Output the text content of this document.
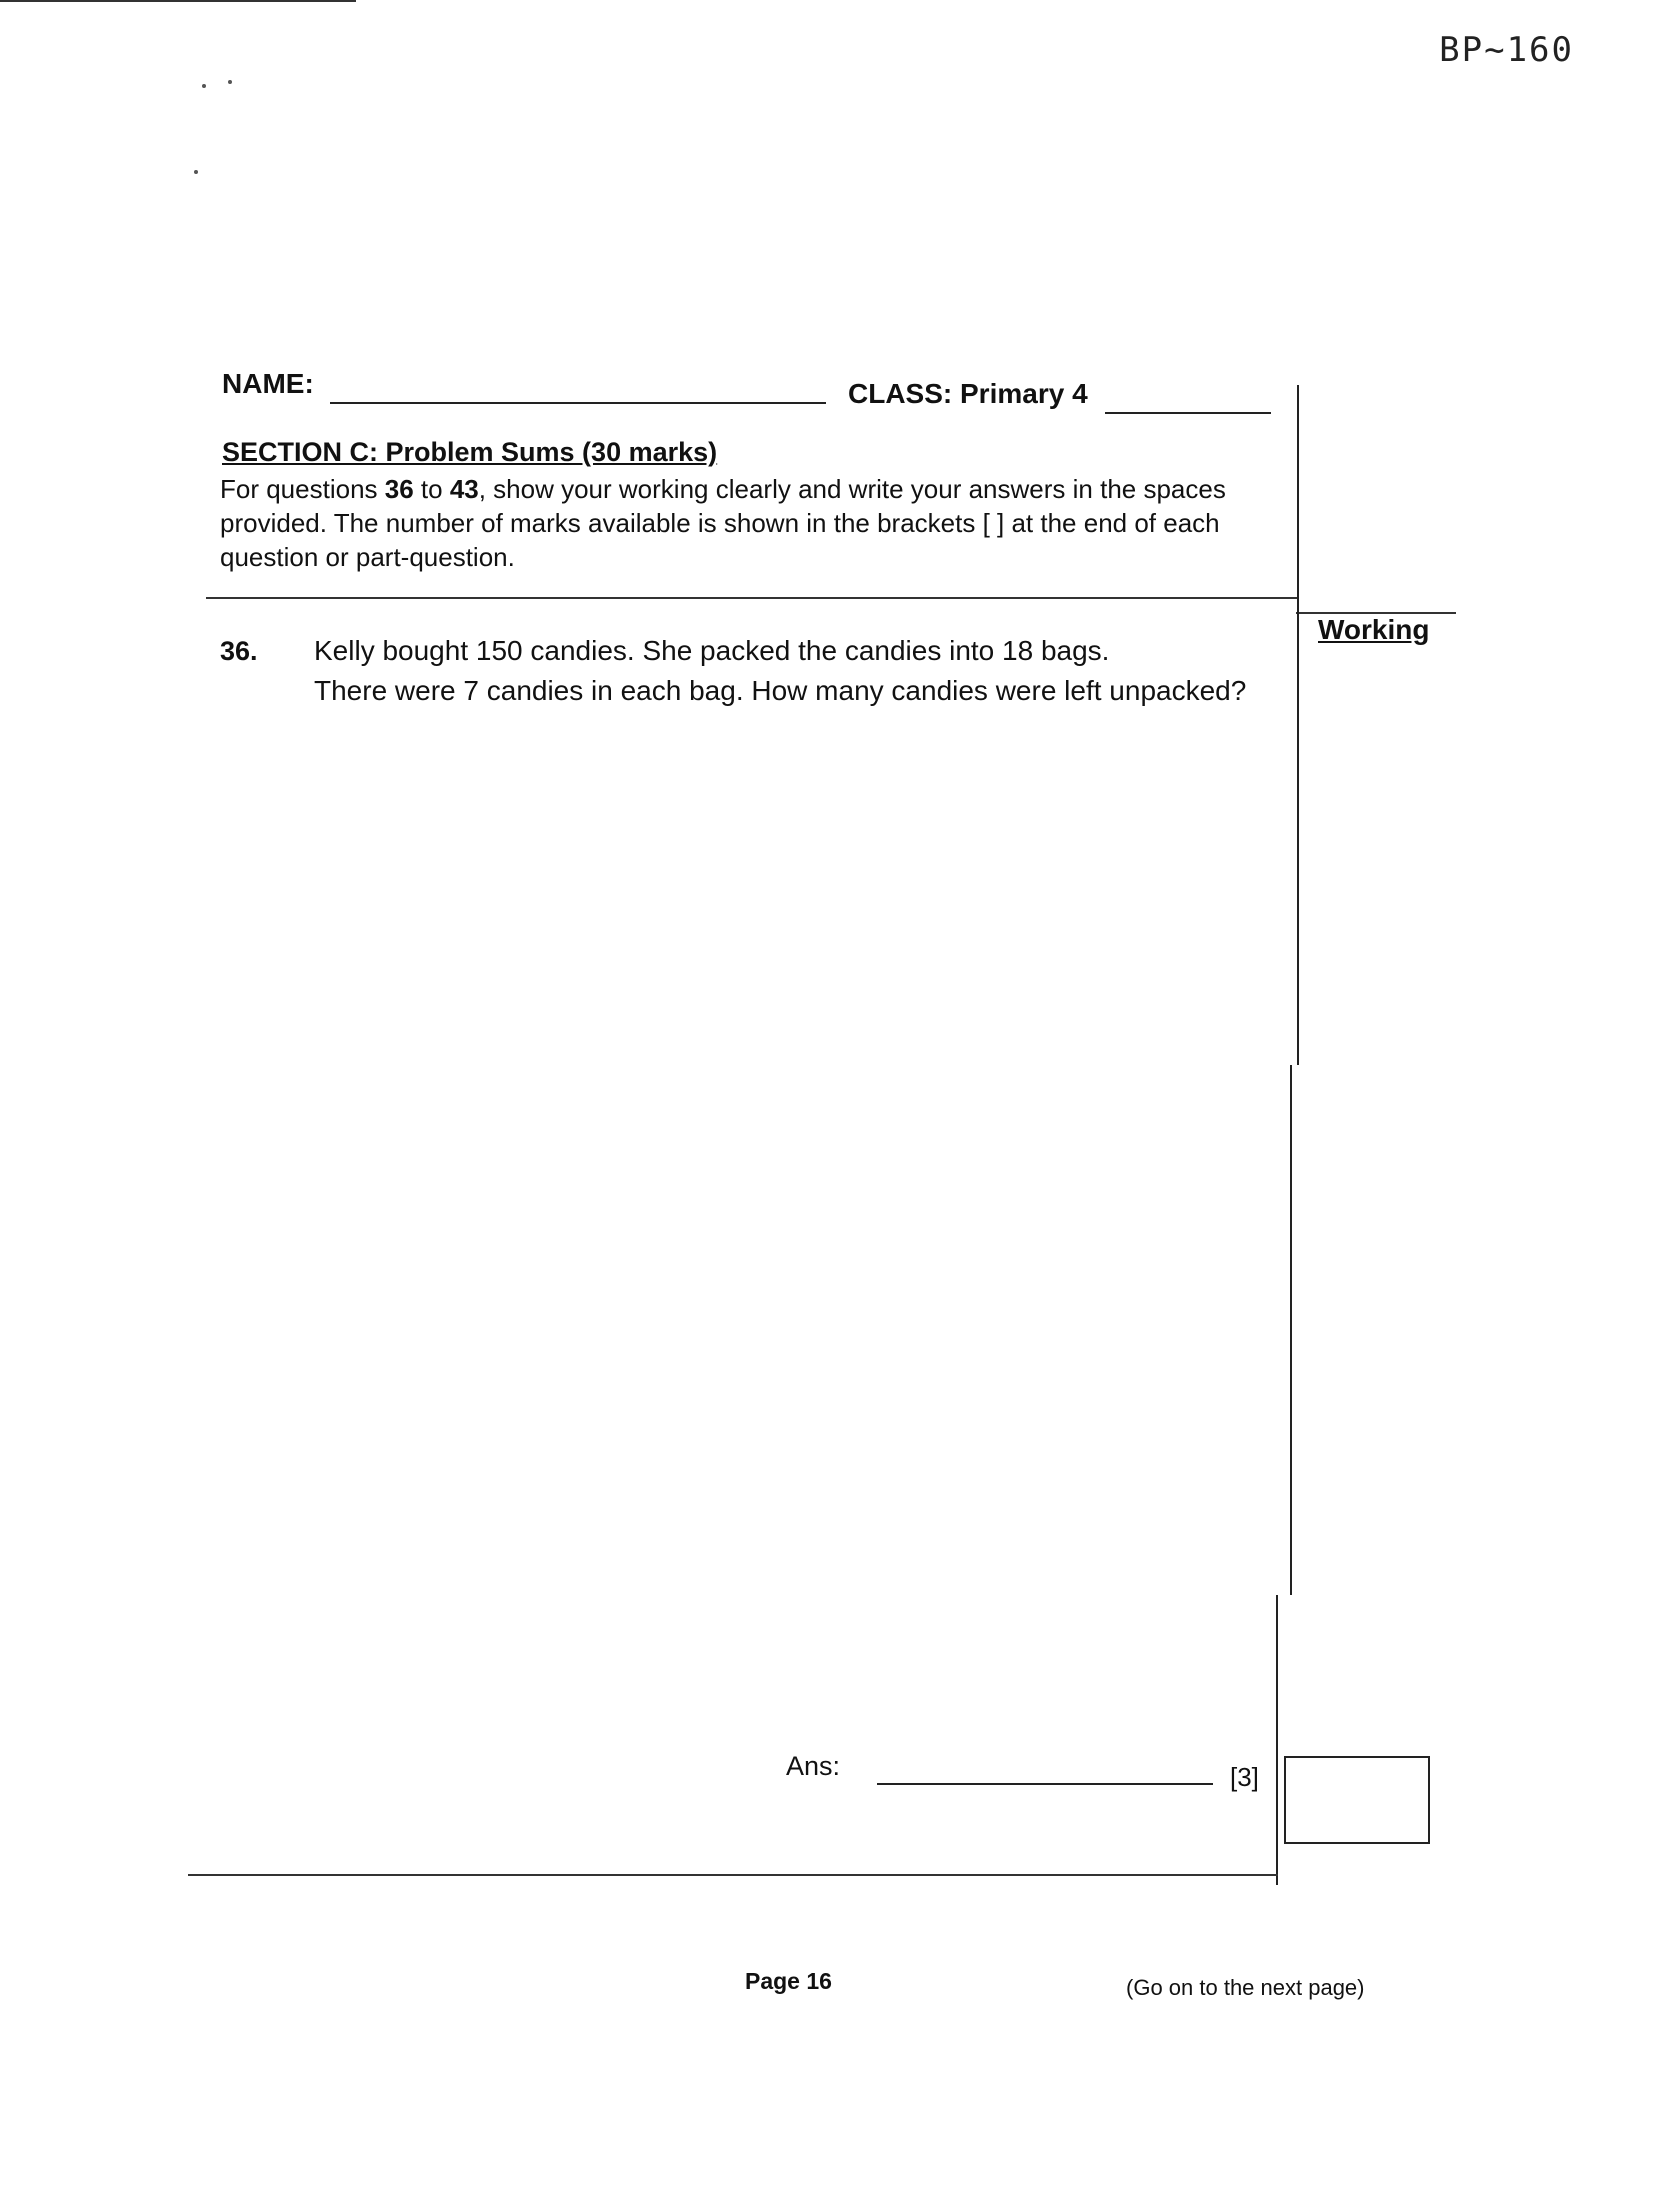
BP~160
NAME:	CLASS: Primary 4
SECTION C: Problem Sums (30 marks)
For questions 36 to 43, show your working clearly and write your answers in the spaces provided. The number of marks available is shown in the brackets [ ] at the end of each question or part-question.
Working
36. Kelly bought 150 candies. She packed the candies into 18 bags.
There were 7 candies in each bag. How many candies were left unpacked?
Ans:	[3]
Page 16	(Go on to the next page)
